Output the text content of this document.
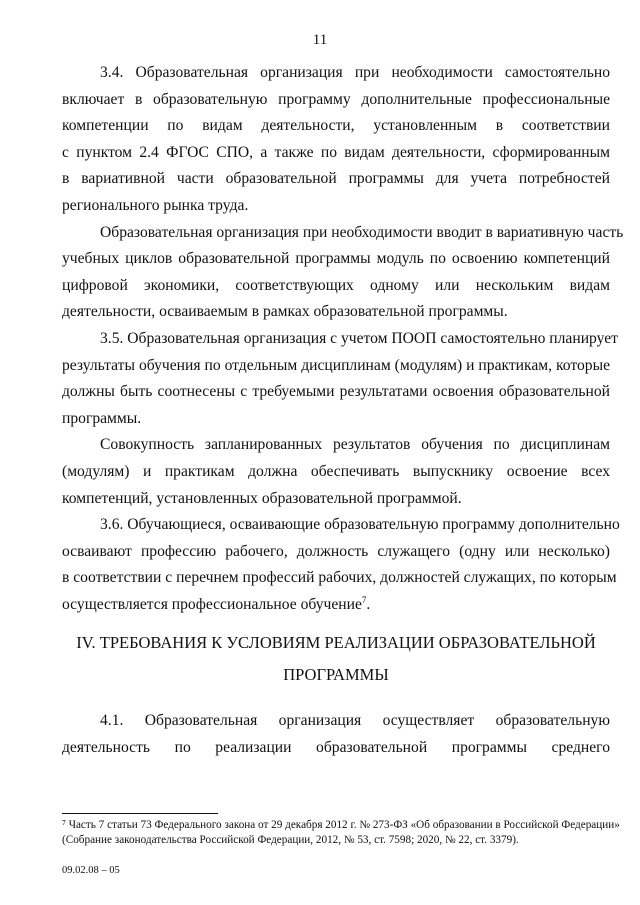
11

3.4. Образовательная организация при необходимости самостоятельно
включает в образовательную программу дополнительные профессиональные
компетенции по видам деятельности, установленным в соответствии
с пунктом 2.4 ФГОС СПО, а также по видам деятельности, сформированным
в вариативной части образовательной программы для учета потребностей
регионального рынка труда.

Образовательная организация при необходимости вводит в вариативную часть
учебных циклов образовательной программы модуль по освоению компетенций
цифровой экономики, соответствующих одному или нескольким видам
деятельности, осваиваемым в рамках образовательной программы.

3.5. Образовательная организация с учетом ПООП самостоятельно планирует
результаты обучения по отдельным дисциплинам (модулям) и практикам, которые
должны быть соотнесены с требуемыми результатами освоения образовательной
программы.

Совокупность запланированных результатов обучения по дисциплинам
(модулям) и практикам должна обеспечивать выпускнику освоение всех
компетенций, установленных образовательной программой.

3.6. Обучающиеся, осваивающие образовательную программу дополнительно
осваивают профессию рабочего, должность служащего (одну или несколько)
в соответствии с перечнем профессий рабочих, должностей служащих, по которым
осуществляется профессиональное обучение$^7$.

IV. ТРЕБОВАНИЯ К УСЛОВИЯМ РЕАЛИЗАЦИИ ОБРАЗОВАТЕЛЬНОЙ
ПРОГРАММЫ

4.1. Образовательная организация осуществляет образовательную
деятельность по реализации образовательной программы среднего

⁷ Часть 7 статьи 73 Федерального закона от 29 декабря 2012 г. № 273-ФЗ «Об образовании в Российской Федерации»
(Собрание законодательства Российской Федерации, 2012, № 53, ст. 7598; 2020, № 22, ст. 3379).
09.02.08 – 05
